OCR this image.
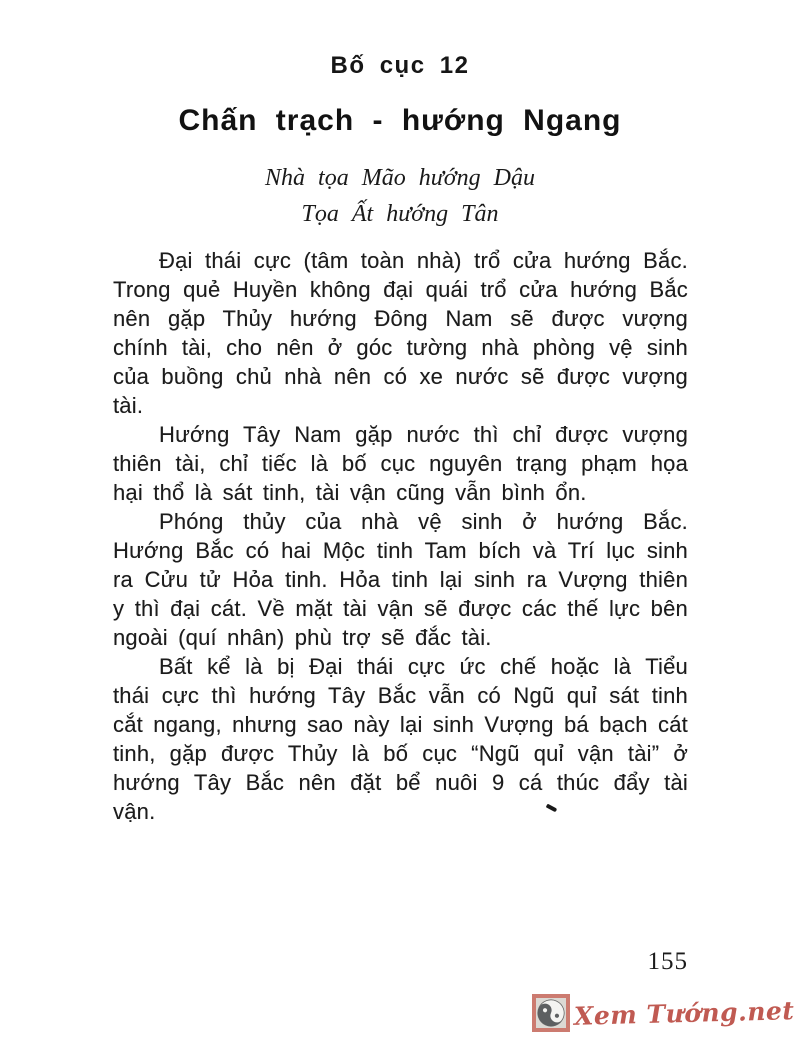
Bố cục 12
Chấn trạch - hướng Ngang
Nhà tọa Mão hướng Dậu
Tọa Ất hướng Tân

Đại thái cực (tâm toàn nhà) trổ cửa hướng Bắc. Trong quẻ Huyền không đại quái trổ cửa hướng Bắc nên gặp Thủy hướng Đông Nam sẽ được vượng chính tài, cho nên ở góc tường nhà phòng vệ sinh của buồng chủ nhà nên có xe nước sẽ được vượng tài.

Hướng Tây Nam gặp nước thì chỉ được vượng thiên tài, chỉ tiếc là bố cục nguyên trạng phạm họa hại thổ là sát tinh, tài vận cũng vẫn bình ổn.

Phóng thủy của nhà vệ sinh ở hướng Bắc. Hướng Bắc có hai Mộc tinh Tam bích và Trí lục sinh ra Cửu tử Hỏa tinh. Hỏa tinh lại sinh ra Vượng thiên y thì đại cát. Về mặt tài vận sẽ được các thế lực bên ngoài (quí nhân) phù trợ sẽ đắc tài.

Bất kể là bị Đại thái cực ức chế hoặc là Tiểu thái cực thì hướng Tây Bắc vẫn có Ngũ quỉ sát tinh cắt ngang, nhưng sao này lại sinh Vượng bá bạch cát tinh, gặp được Thủy là bố cục “Ngũ quỉ vận tài” ở hướng Tây Bắc nên đặt bể nuôi 9 cá thúc đẩy tài vận.

155
Xem Tướng.net
